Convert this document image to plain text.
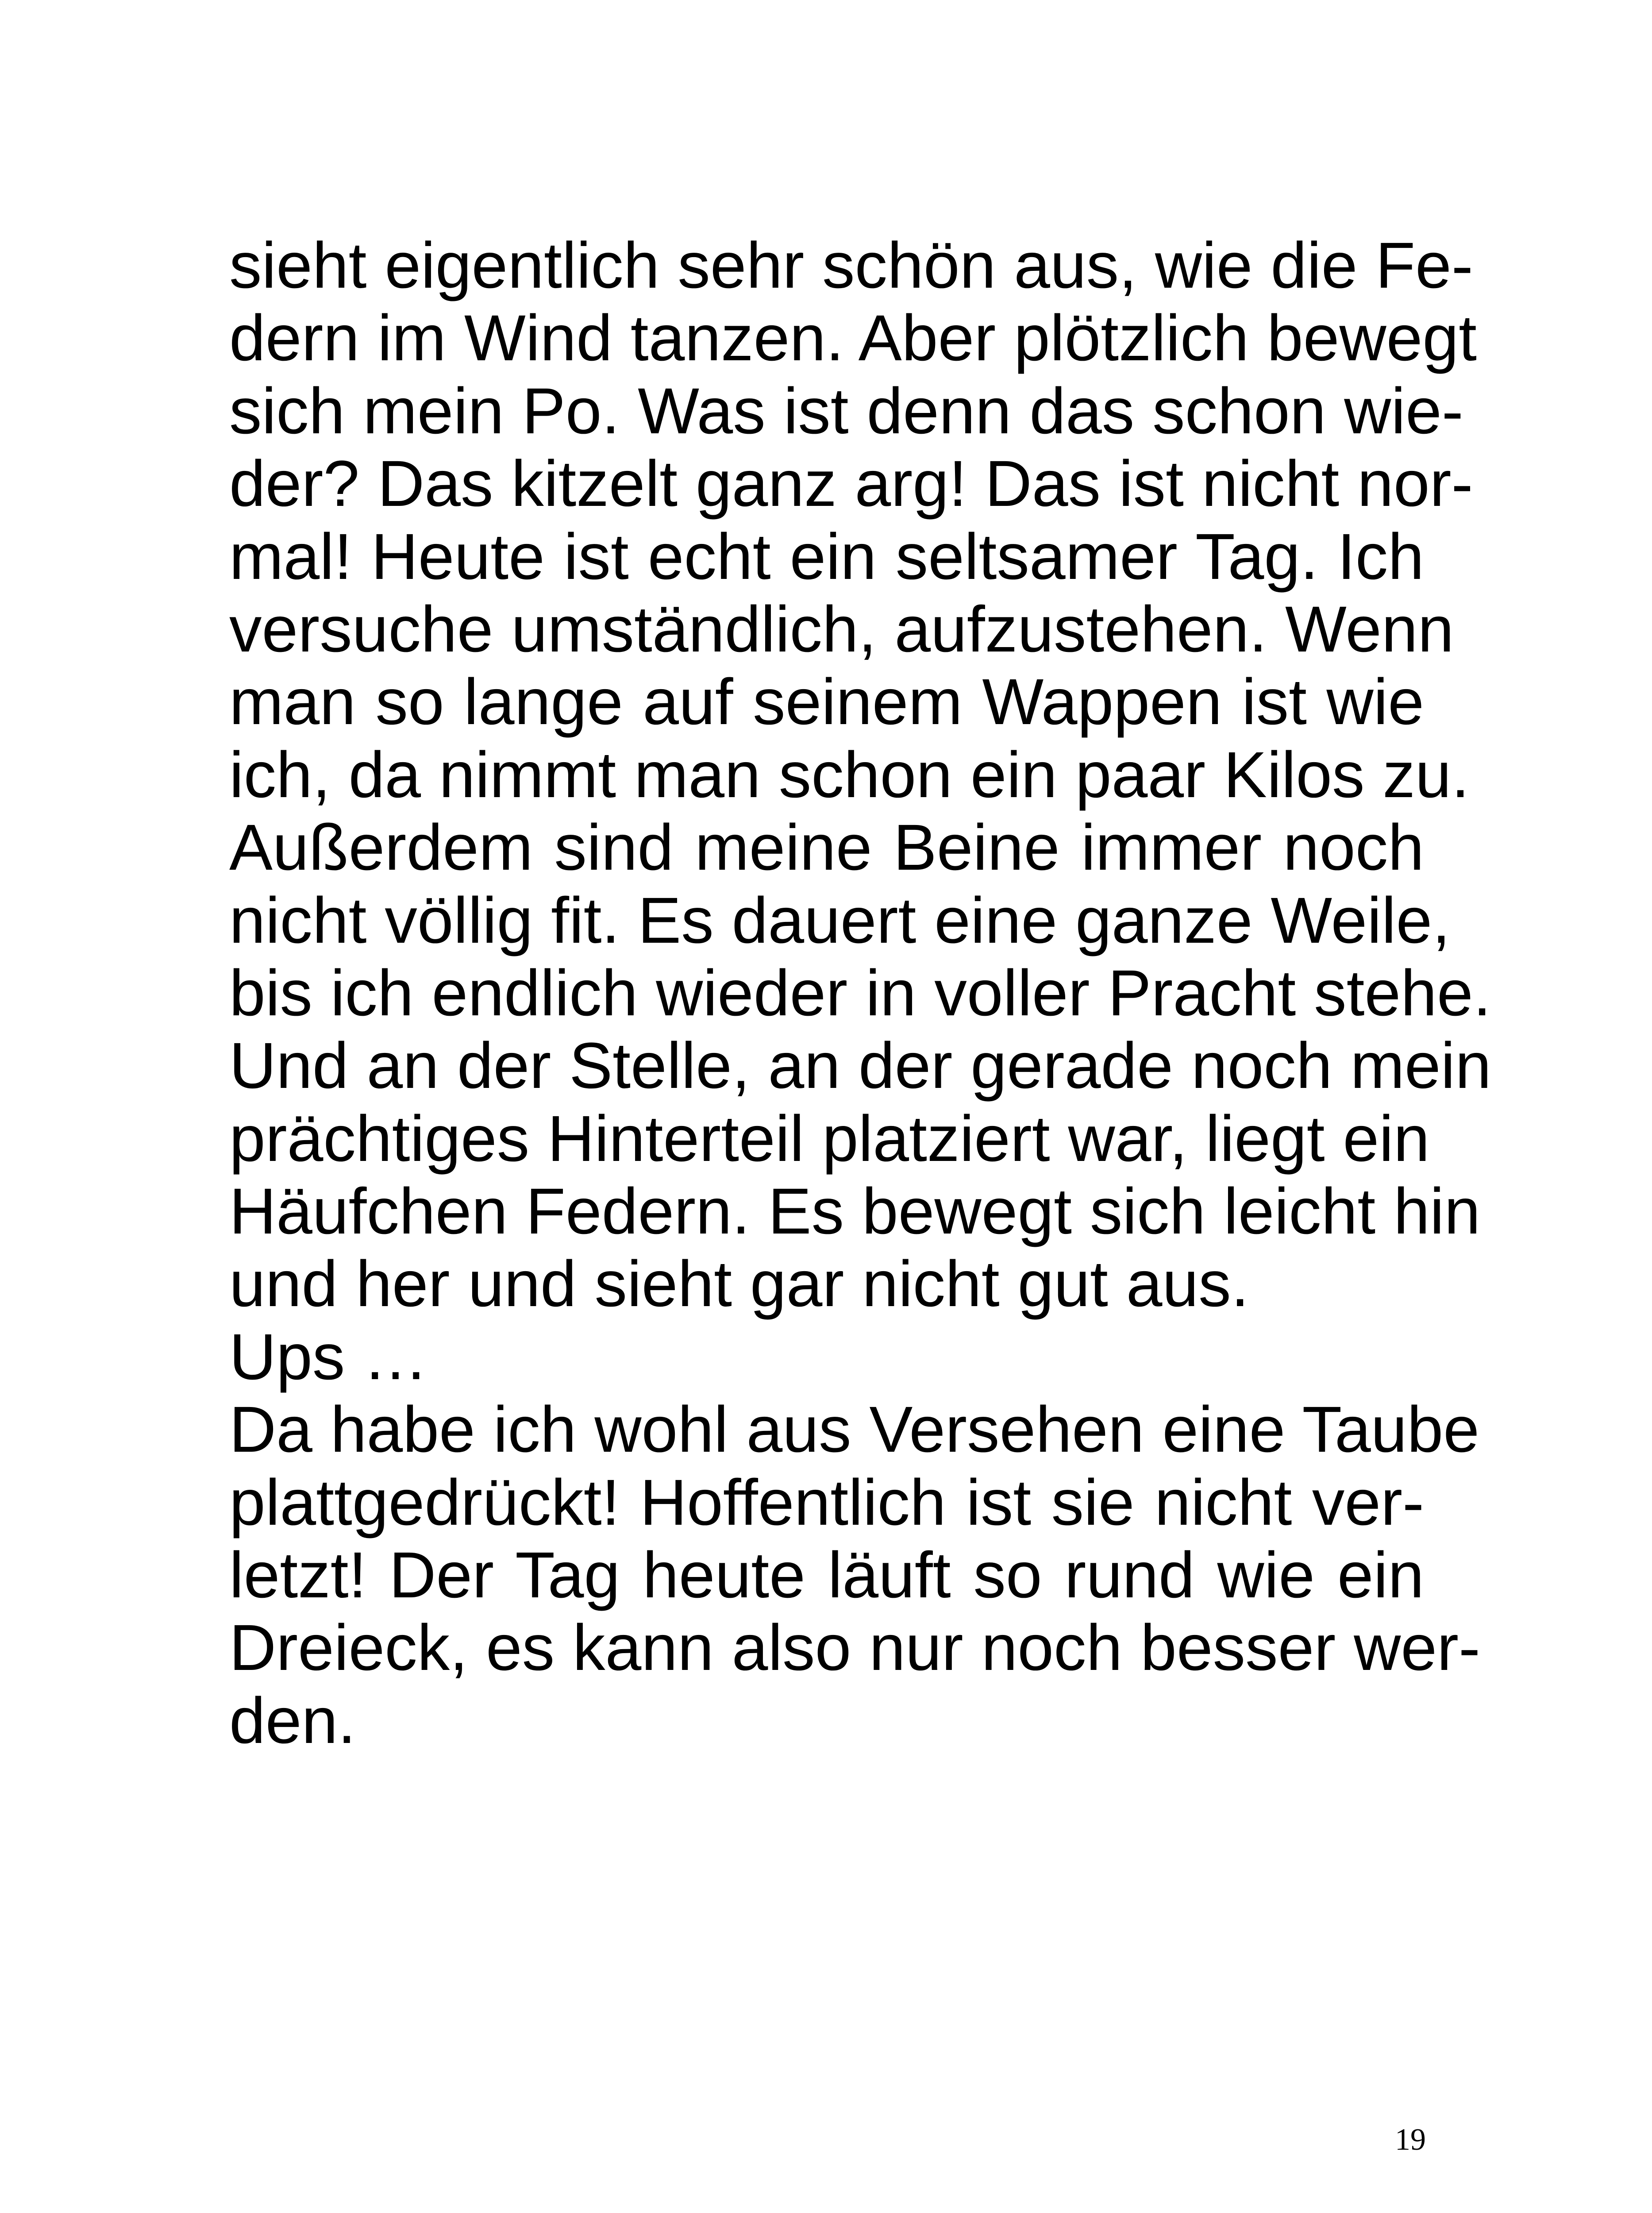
sieht eigentlich sehr schön aus, wie die Fe-
dern im Wind tanzen. Aber plötzlich bewegt
sich mein Po. Was ist denn das schon wie-
der? Das kitzelt ganz arg! Das ist nicht nor-
mal! Heute ist echt ein seltsamer Tag. Ich
versuche umständlich, aufzustehen. Wenn
man so lange auf seinem Wappen ist wie
ich, da nimmt man schon ein paar Kilos zu.
Außerdem sind meine Beine immer noch
nicht völlig fit. Es dauert eine ganze Weile,
bis ich endlich wieder in voller Pracht stehe.
Und an der Stelle, an der gerade noch mein
prächtiges Hinterteil platziert war, liegt ein
Häufchen Federn. Es bewegt sich leicht hin
und her und sieht gar nicht gut aus.
Ups …
Da habe ich wohl aus Versehen eine Taube
plattgedrückt! Hoffentlich ist sie nicht ver-
letzt! Der Tag heute läuft so rund wie ein
Dreieck, es kann also nur noch besser wer-
den.
19
